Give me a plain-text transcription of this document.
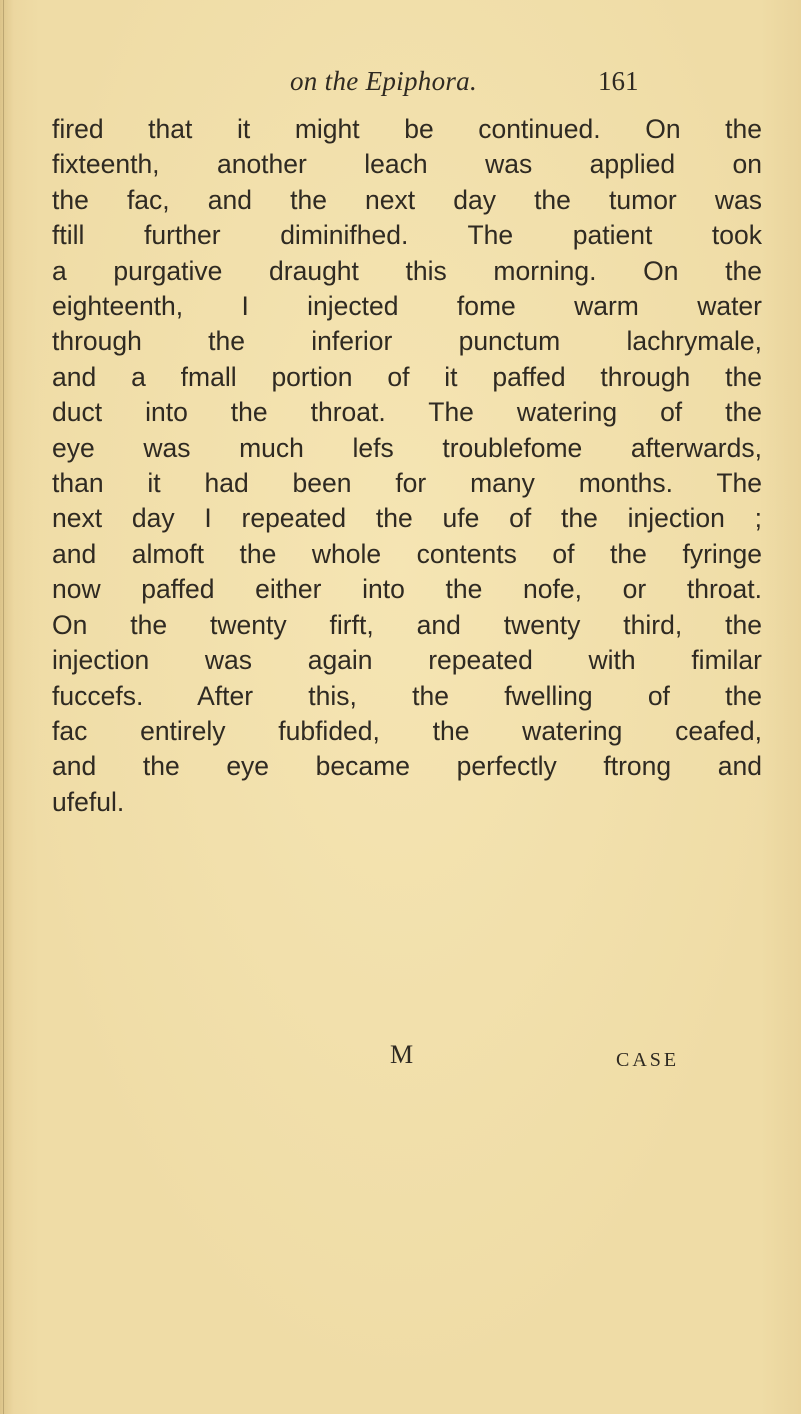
on the Epiphora.	161
fired that it might be continued. On the
fixteenth, another leach was applied on
the fac, and the next day the tumor was
ftill further diminifhed. The patient took
a purgative draught this morning. On the
eighteenth, I injected fome warm water
through the inferior punctum lachrymale,
and a fmall portion of it paffed through the
duct into the throat. The watering of the
eye was much lefs troublefome afterwards,
than it had been for many months. The
next day I repeated the ufe of the injection ;
and almoft the whole contents of the fyringe
now paffed either into the nofe, or throat.
On the twenty firft, and twenty third, the
injection was again repeated with fimilar
fuccefs. After this, the fwelling of the
fac entirely fubfided, the watering ceafed,
and the eye became perfectly ftrong and
ufeful.
M	CASE
